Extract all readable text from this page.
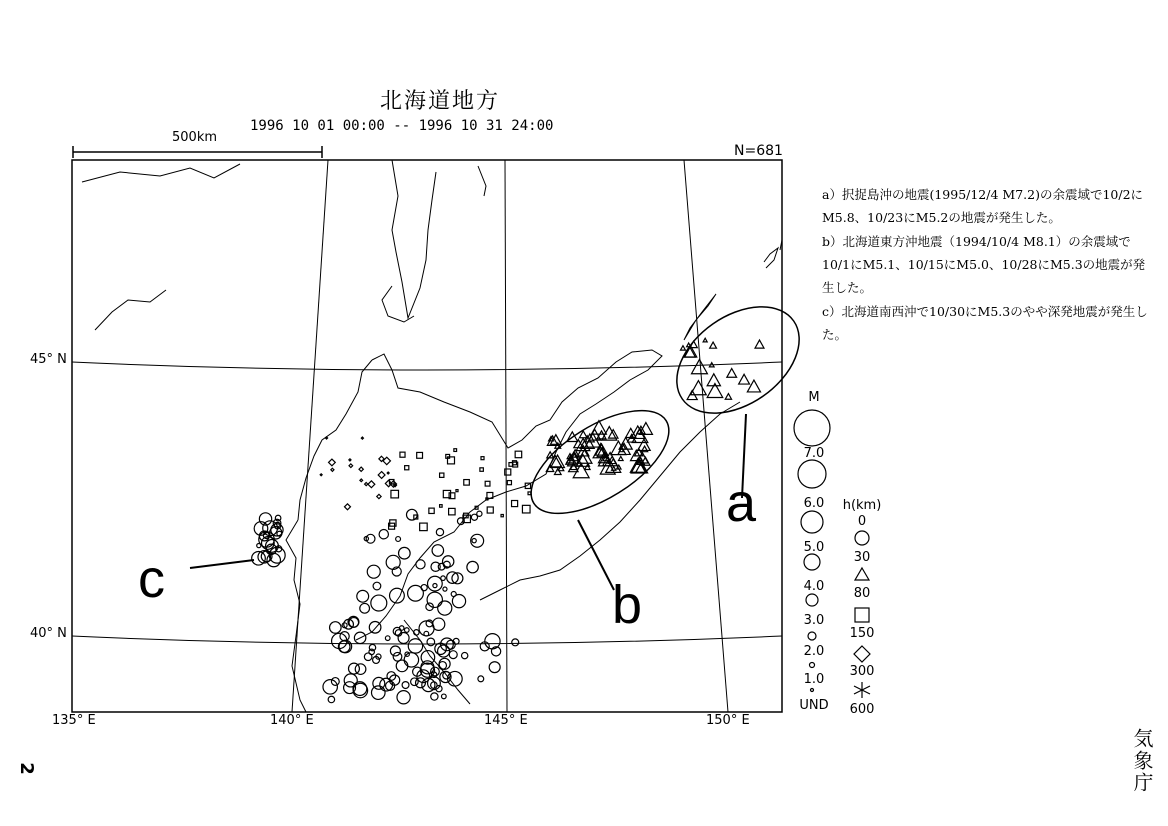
北海道地方
1996 10 01 00:00 -- 1996 10 31 24:00
500km
N=681
45° N
40° N
135° E	140° E	145° E	150° E
a
b
c

a）択捉島沖の地震(1995/12/4 M7.2)の余震域で10/2にM5.8、10/23にM5.2の地震が発生した。

b）北海道東方沖地震（1994/10/4 M8.1）の余震域で10/1にM5.1、10/15にM5.0、10/28にM5.3の地震が発生した。

c）北海道南西沖で10/30にM5.3のやや深発地震が発生した。

M
7.0
6.0
5.0
4.0
3.0
2.0
1.0
UND
h(km)
0
30
80
150
300
600
2	気象庁
